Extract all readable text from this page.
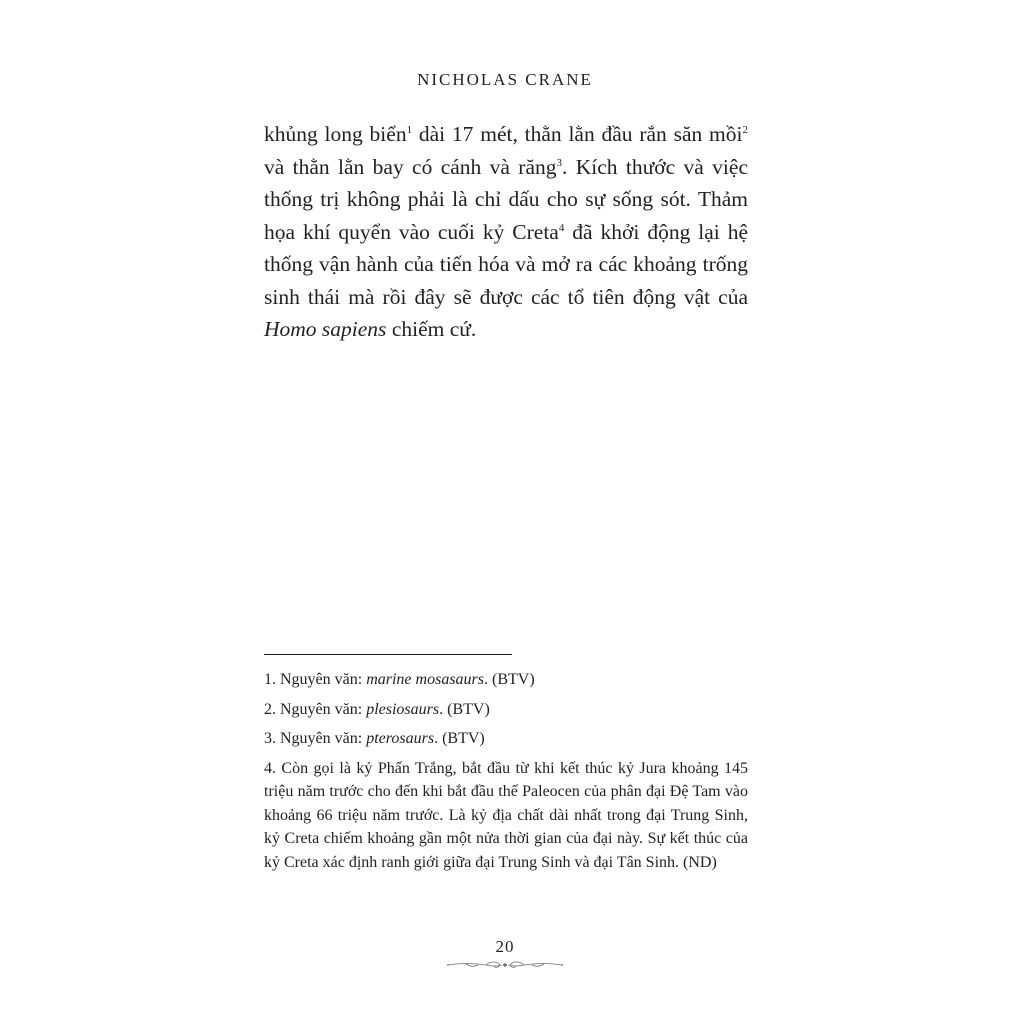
NICHOLAS CRANE

khủng long biển$^1$ dài 17 mét, thằn lằn đầu rắn săn mồi$^2$ và thằn lằn bay có cánh và răng$^3$. Kích thước và việc thống trị không phải là chỉ dấu cho sự sống sót. Thảm họa khí quyển vào cuối kỷ Creta$^4$ đã khởi động lại hệ thống vận hành của tiến hóa và mở ra các khoảng trống sinh thái mà rồi đây sẽ được các tổ tiên động vật của Homo sapiens chiếm cứ.

1. Nguyên văn: marine mosasaurs. (BTV)

2. Nguyên văn: plesiosaurs. (BTV)

3. Nguyên văn: pterosaurs. (BTV)

4. Còn gọi là kỷ Phấn Trắng, bắt đầu từ khi kết thúc kỷ Jura khoảng 145 triệu năm trước cho đến khi bắt đầu thế Paleocen của phân đại Đệ Tam vào khoảng 66 triệu năm trước. Là kỷ địa chất dài nhất trong đại Trung Sinh, kỷ Creta chiếm khoảng gần một nửa thời gian của đại này. Sự kết thúc của kỷ Creta xác định ranh giới giữa đại Trung Sinh và đại Tân Sinh. (ND)

20
